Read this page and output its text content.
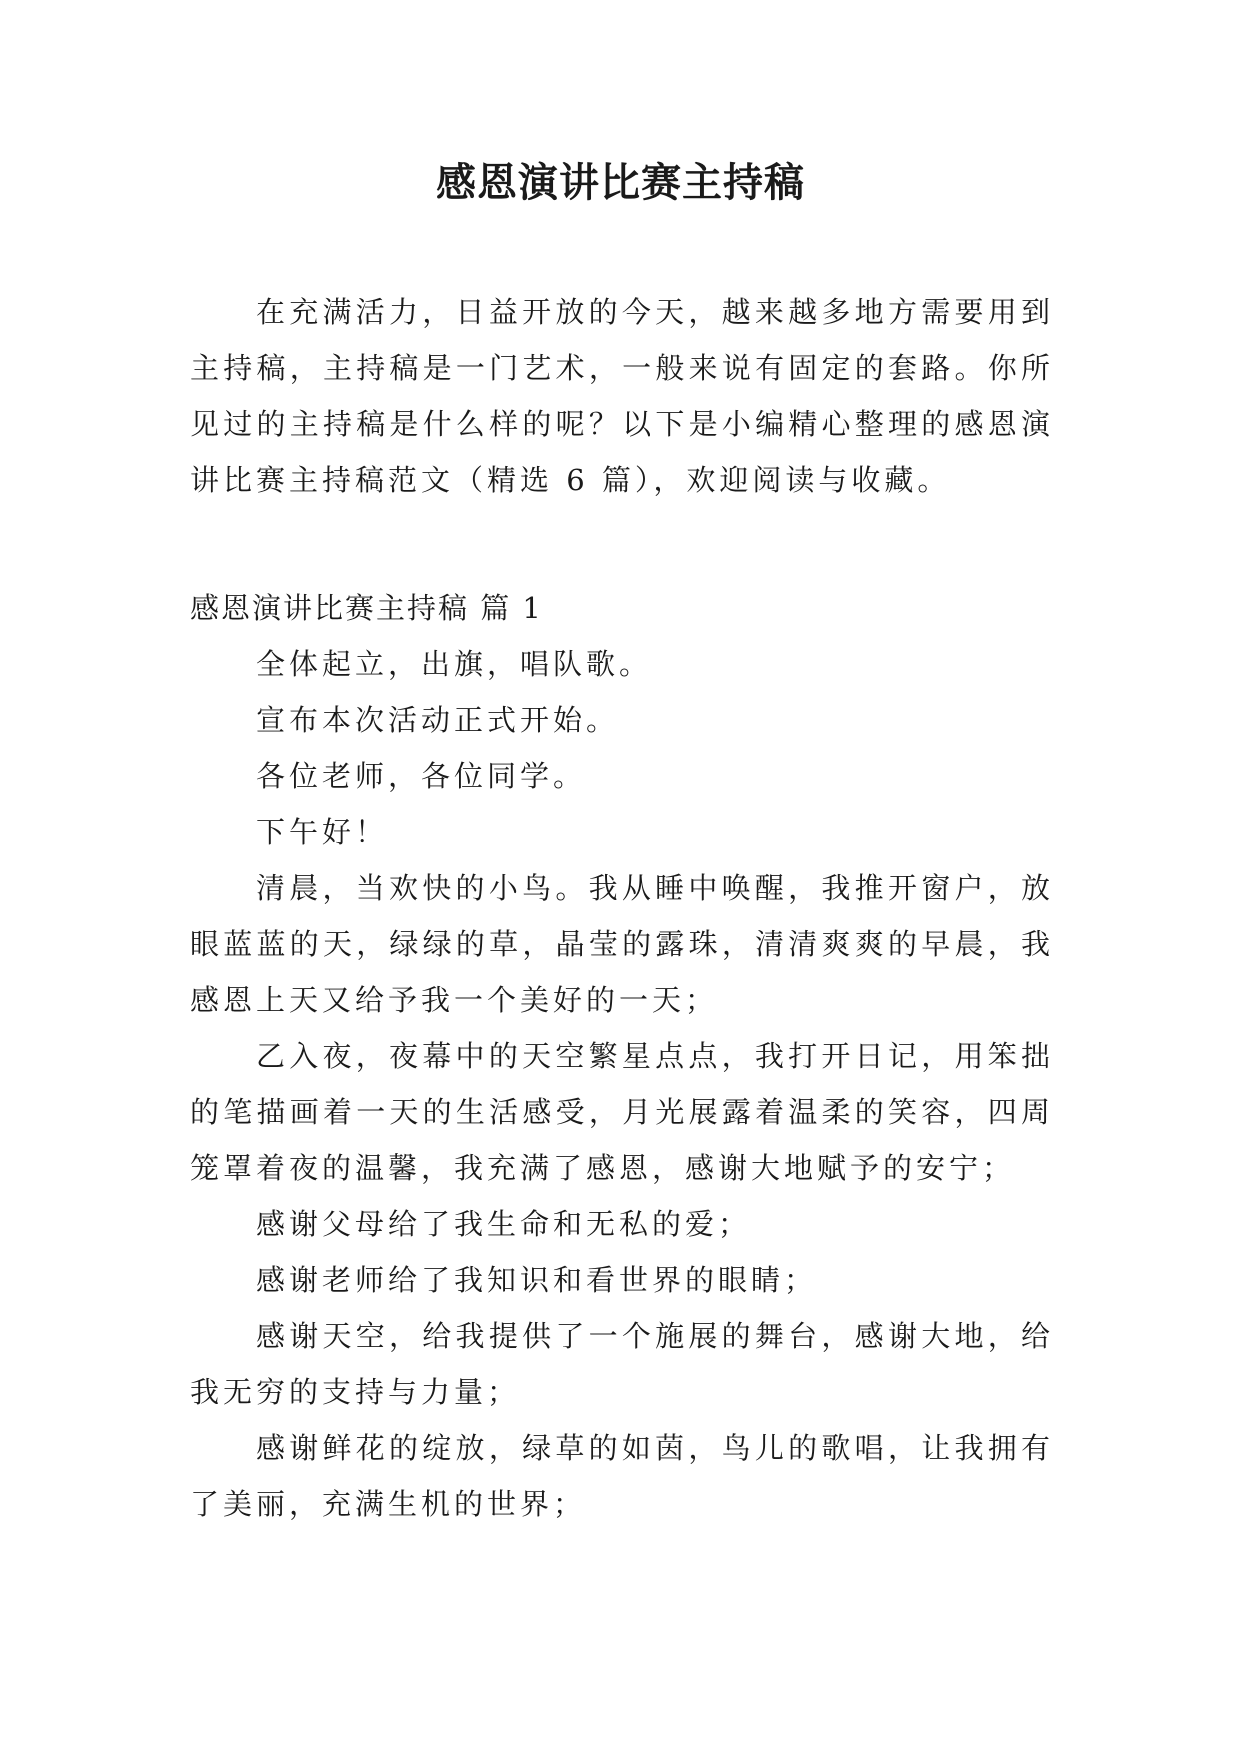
感恩演讲比赛主持稿

在充满活力，日益开放的今天，越来越多地方需要用到主持稿，主持稿是一门艺术，一般来说有固定的套路。你所见过的主持稿是什么样的呢？以下是小编精心整理的感恩演讲比赛主持稿范文（精选 6 篇），欢迎阅读与收藏。

感恩演讲比赛主持稿 篇 1

全体起立，出旗，唱队歌。

宣布本次活动正式开始。

各位老师，各位同学。

下午好！

清晨，当欢快的小鸟。我从睡中唤醒，我推开窗户，放眼蓝蓝的天，绿绿的草，晶莹的露珠，清清爽爽的早晨，我感恩上天又给予我一个美好的一天；

乙入夜，夜幕中的天空繁星点点，我打开日记，用笨拙的笔描画着一天的生活感受，月光展露着温柔的笑容，四周笼罩着夜的温馨，我充满了感恩，感谢大地赋予的安宁；

感谢父母给了我生命和无私的爱；

感谢老师给了我知识和看世界的眼睛；

感谢天空，给我提供了一个施展的舞台，感谢大地，给我无穷的支持与力量；

感谢鲜花的绽放，绿草的如茵，鸟儿的歌唱，让我拥有了美丽，充满生机的世界；
